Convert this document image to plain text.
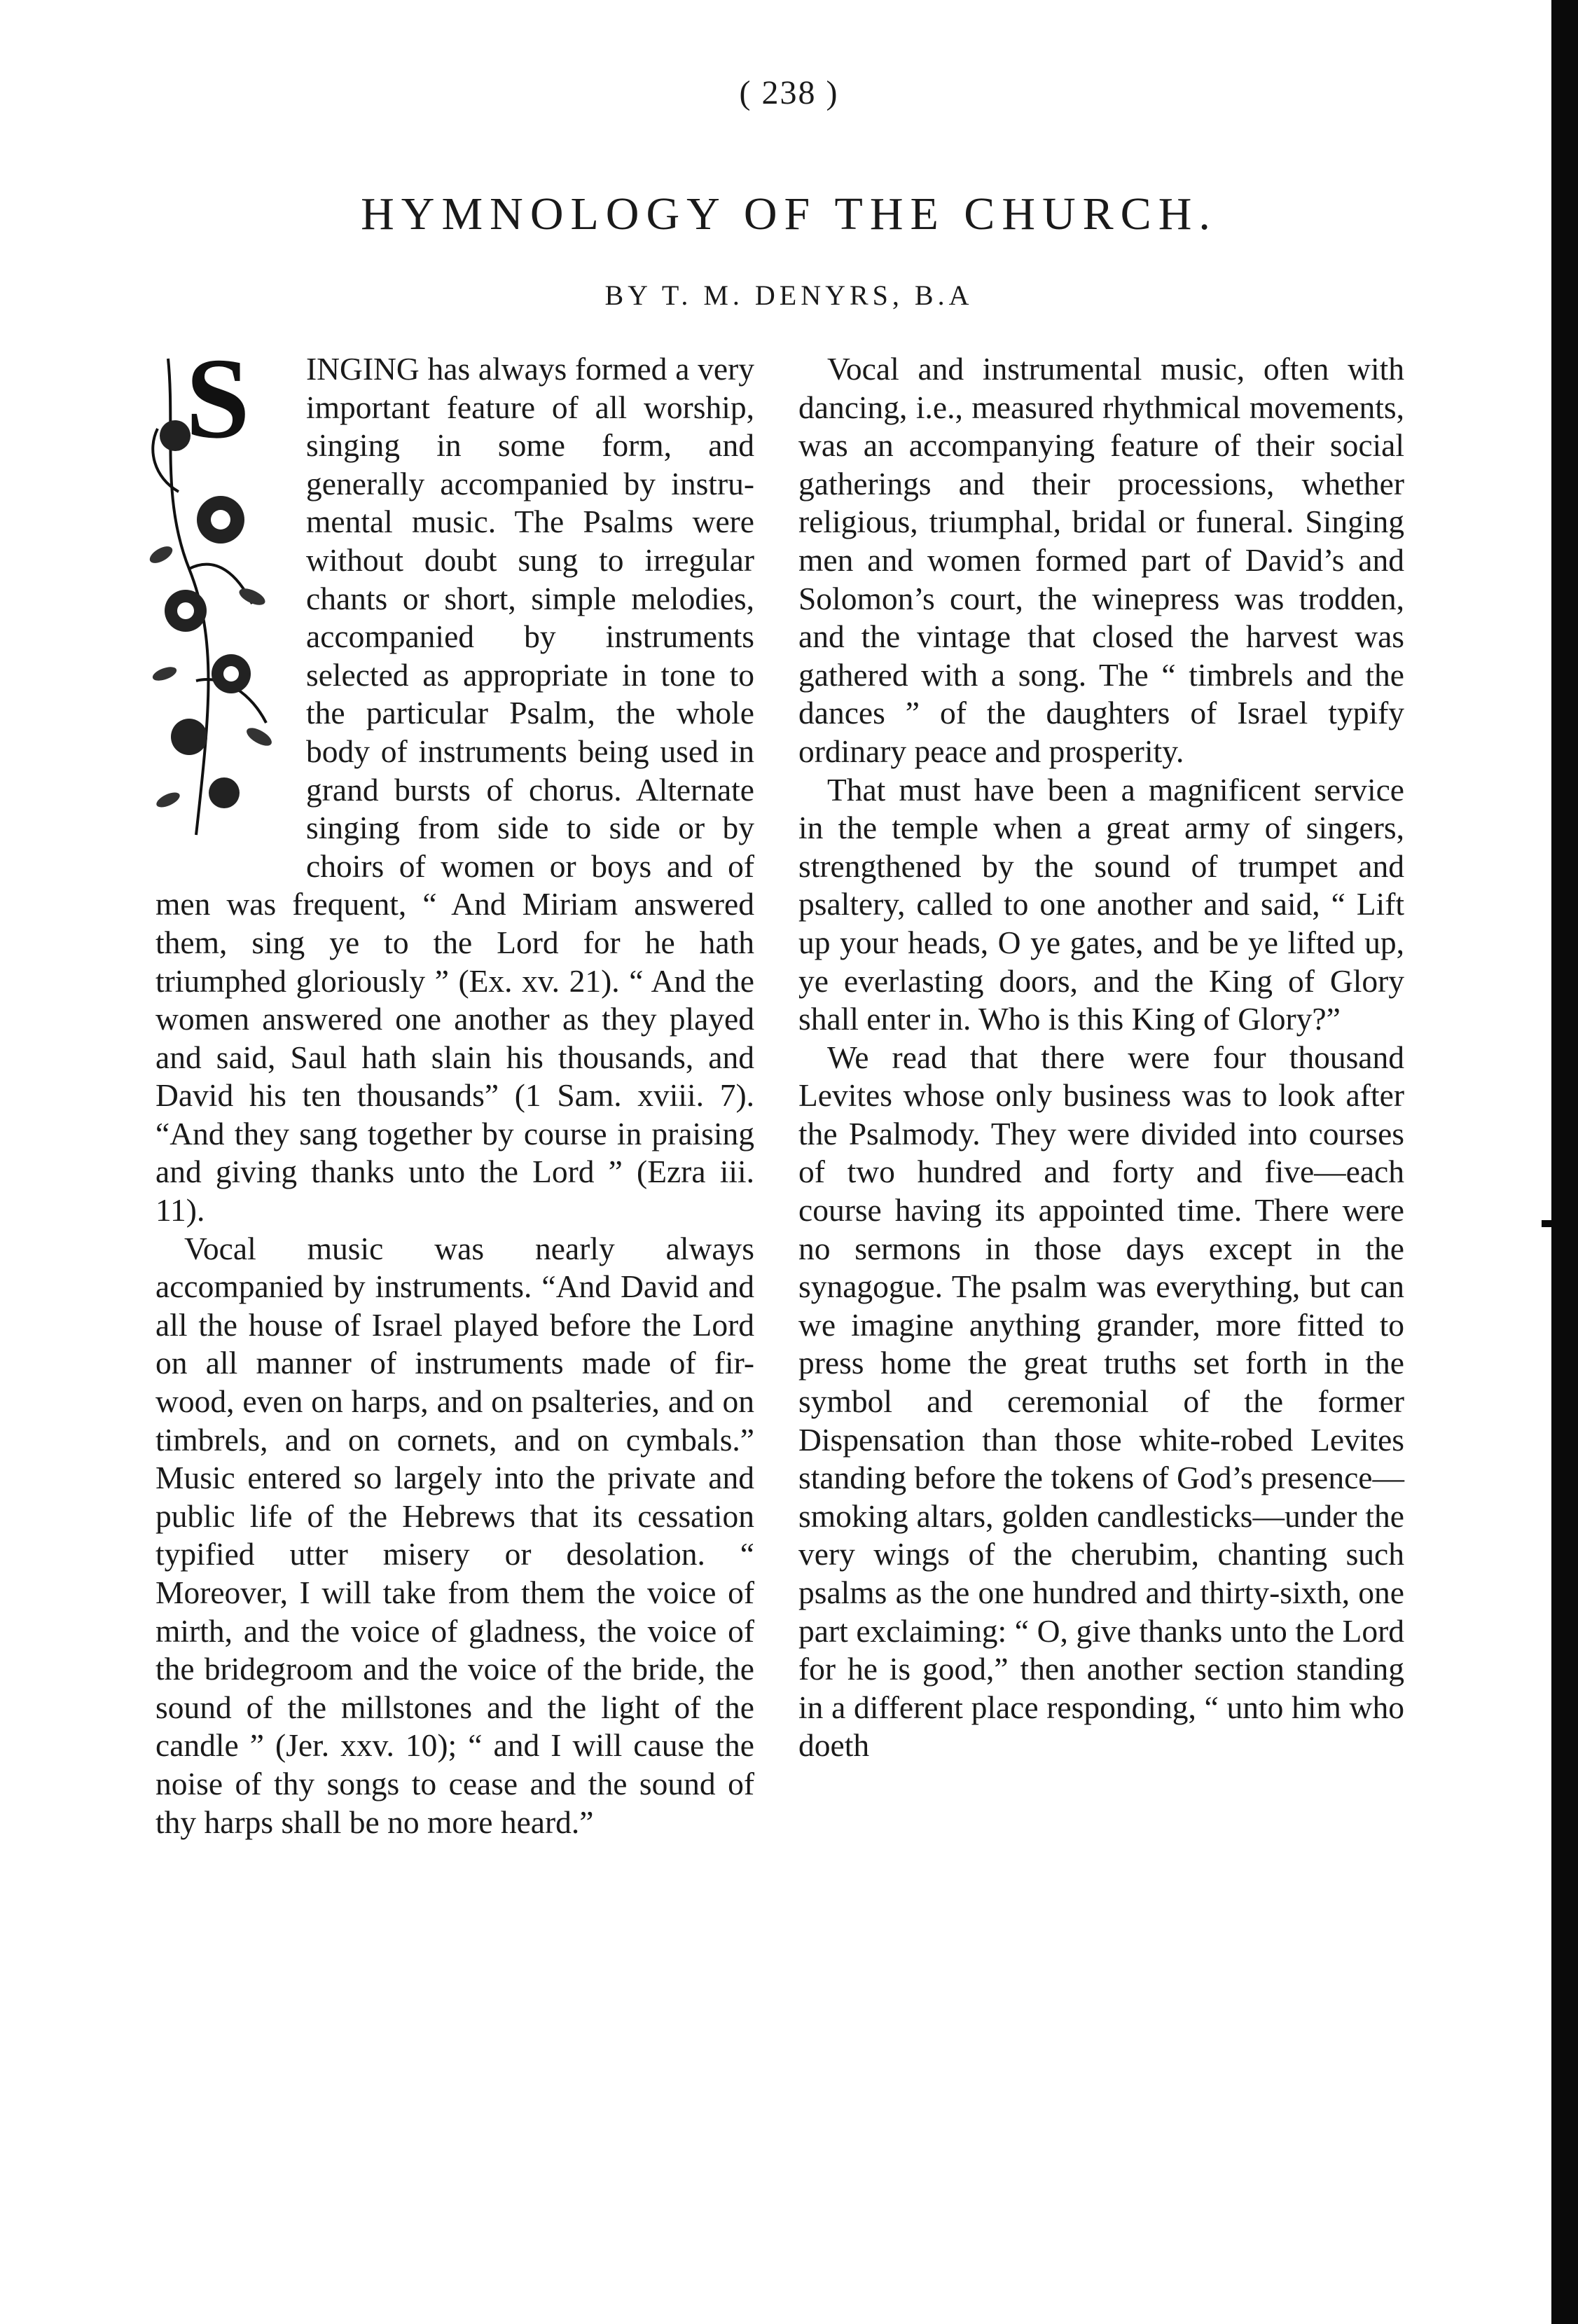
( 238 )
HYMNOLOGY OF THE CHURCH.
BY T. M. DENYRS, B.A
S	INGING has always formed a very important feature of all worship, singing in some form, and generally accompanied by instrumental music. The Psalms were without doubt sung to irregular chants or short, simple melodies, accompanied by instruments selected as appropriate in tone to the particular Psalm, the whole body of instruments being used in grand bursts of chorus. Alternate singing from side to side or by choirs of women or boys and of men was frequent, “ And Miriam answered them, sing ye to the Lord for he hath triumphed gloriously ” (Ex. xv. 21). “ And the women answered one another as they played and said, Saul hath slain his thousands, and David his ten thousands” (1 Sam. xviii. 7). “And they sang together by course in praising and giving thanks unto the Lord ” (Ezra iii. 11).

Vocal music was nearly always accompanied by instruments. “And David and all the house of Israel played before the Lord on all manner of instruments made of fir-wood, even on harps, and on psalteries, and on timbrels, and on cornets, and on cymbals.” Music entered so largely into the private and public life of the Hebrews that its cessation typified utter misery or desolation. “ Moreover, I will take from them the voice of mirth, and the voice of gladness, the voice of the bridegroom and the voice of the bride, the sound of the millstones and the light of the candle ” (Jer. xxv. 10); “ and I will cause the noise of thy songs to cease and the sound of thy harps shall be no more heard.”

Vocal and instrumental music, often with dancing, i.e., measured rhythmical movements, was an accompanying feature of their social gatherings and their processions, whether religious, triumphal, bridal or funeral. Singing men and women formed part of David’s and Solomon’s court, the winepress was trodden, and the vintage that closed the harvest was gathered with a song. The “ timbrels and the dances ” of the daughters of Israel typify ordinary peace and prosperity.

That must have been a magnificent service in the temple when a great army of singers, strengthened by the sound of trumpet and psaltery, called to one another and said, “ Lift up your heads, O ye gates, and be ye lifted up, ye everlasting doors, and the King of Glory shall enter in. Who is this King of Glory?”

We read that there were four thousand Levites whose only business was to look after the Psalmody. They were divided into courses of two hundred and forty and five—each course having its appointed time. There were no sermons in those days except in the synagogue. The psalm was everything, but can we imagine anything grander, more fitted to press home the great truths set forth in the symbol and ceremonial of the former Dispensation than those white-robed Levites standing before the tokens of God’s presence—smoking altars, golden candlesticks—under the very wings of the cherubim, chanting such psalms as the one hundred and thirty-sixth, one part exclaiming: “ O, give thanks unto the Lord for he is good,” then another section standing in a different place responding, “ unto him who doeth
